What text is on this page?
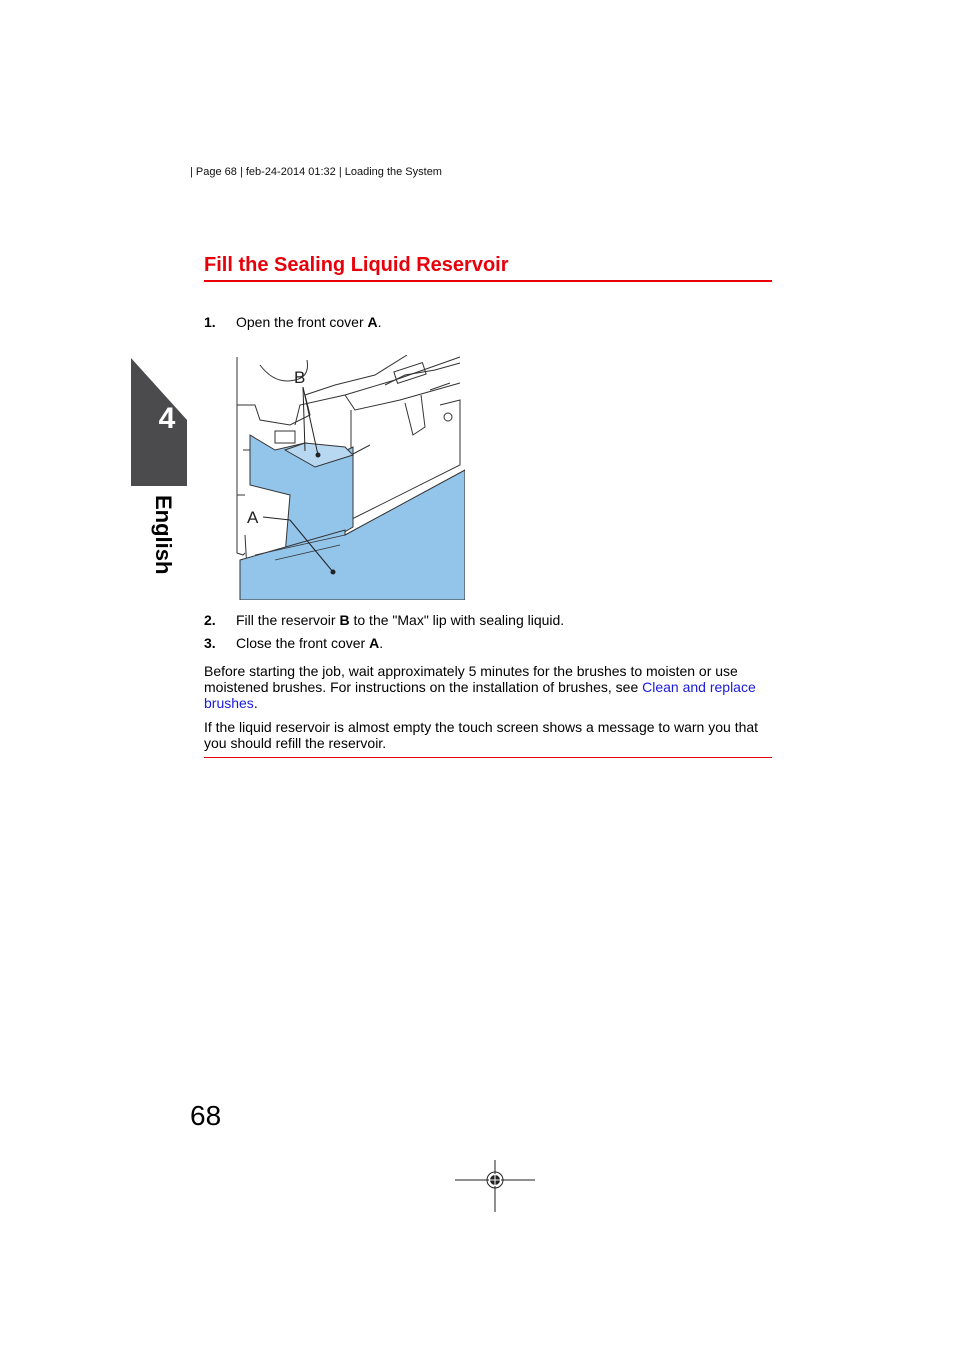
| Page 68 | feb-24-2014 01:32 | Loading the System
4
English
Fill the Sealing Liquid Reservoir
1. Open the front cover A.
B
A
2. Fill the reservoir B to the "Max" lip with sealing liquid.
3. Close the front cover A.
Before starting the job, wait approximately 5 minutes for the brushes to moisten or use moistened brushes. For instructions on the installation of brushes, see Clean and replace brushes.
If the liquid reservoir is almost empty the touch screen shows a message to warn you that you should refill the reservoir.
68
